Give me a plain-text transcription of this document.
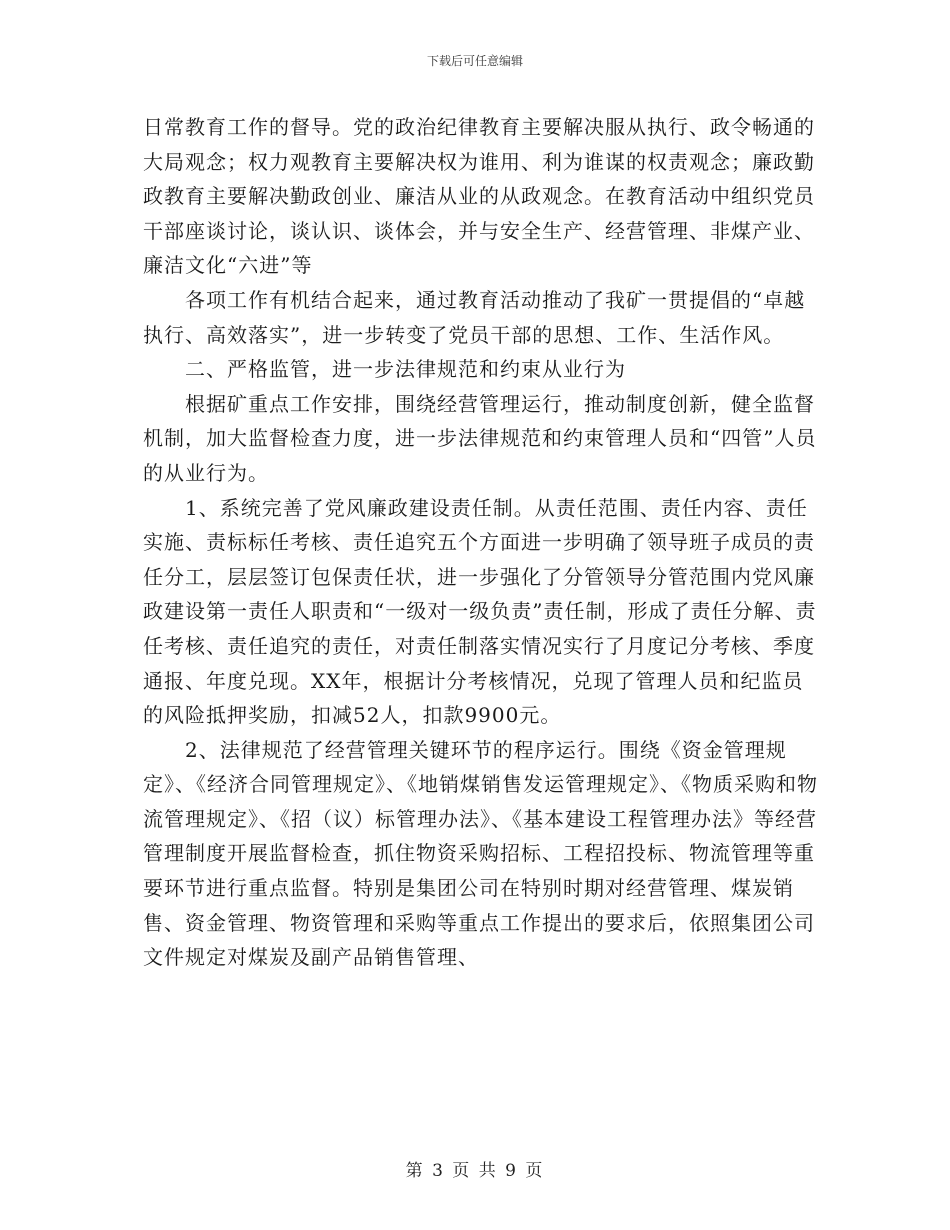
下载后可任意编辑

日常教育工作的督导。党的政治纪律教育主要解决服从执行、政令畅通的大局观念；权力观教育主要解决权为谁用、利为谁谋的权责观念；廉政勤政教育主要解决勤政创业、廉洁从业的从政观念。在教育活动中组织党员干部座谈讨论，谈认识、谈体会，并与安全生产、经营管理、非煤产业、廉洁文化“六进”等

各项工作有机结合起来，通过教育活动推动了我矿一贯提倡的“卓越执行、高效落实”，进一步转变了党员干部的思想、工作、生活作风。

二、严格监管，进一步法律规范和约束从业行为

根据矿重点工作安排，围绕经营管理运行，推动制度创新，健全监督机制，加大监督检查力度，进一步法律规范和约束管理人员和“四管”人员的从业行为。

1、系统完善了党风廉政建设责任制。从责任范围、责任内容、责任实施、责标标任考核、责任追究五个方面进一步明确了领导班子成员的责任分工，层层签订包保责任状，进一步强化了分管领导分管范围内党风廉政建设第一责任人职责和“一级对一级负责”责任制，形成了责任分解、责任考核、责任追究的责任，对责任制落实情况实行了月度记分考核、季度通报、年度兑现。XX年，根据计分考核情况，兑现了管理人员和纪监员的风险抵押奖励，扣减52人，扣款9900元。

2、法律规范了经营管理关键环节的程序运行。围绕《资金管理规定》、《经济合同管理规定》、《地销煤销售发运管理规定》、《物质采购和物流管理规定》、《招（议）标管理办法》、《基本建设工程管理办法》等经营管理制度开展监督检查，抓住物资采购招标、工程招投标、物流管理等重要环节进行重点监督。特别是集团公司在特别时期对经营管理、煤炭销售、资金管理、物资管理和采购等重点工作提出的要求后，依照集团公司文件规定对煤炭及副产品销售管理、

第 3 页 共 9 页
